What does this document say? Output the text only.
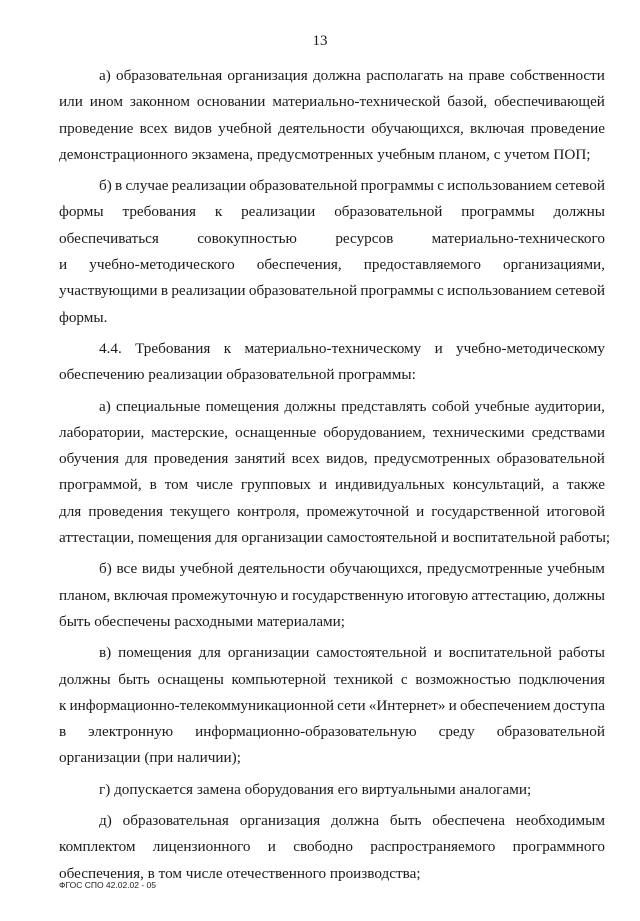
13
а) образовательная организация должна располагать на праве собственности
или ином законном основании материально-технической базой, обеспечивающей
проведение всех видов учебной деятельности обучающихся, включая проведение
демонстрационного экзамена, предусмотренных учебным планом, с учетом ПОП;
б) в случае реализации образовательной программы с использованием сетевой
формы требования к реализации образовательной программы должны
обеспечиваться	совокупностью	ресурсов	материально-технического
и учебно-методического обеспечения, предоставляемого организациями,
участвующими в реализации образовательной программы с использованием сетевой
формы.
4.4. Требования к материально-техническому и учебно-методическому
обеспечению реализации образовательной программы:
а) специальные помещения должны представлять собой учебные аудитории,
лаборатории, мастерские, оснащенные оборудованием, техническими средствами
обучения для проведения занятий всех видов, предусмотренных образовательной
программой, в том числе групповых и индивидуальных консультаций, а также
для проведения текущего контроля, промежуточной и государственной итоговой
аттестации, помещения для организации самостоятельной и воспитательной работы;
б) все виды учебной деятельности обучающихся, предусмотренные учебным
планом, включая промежуточную и государственную итоговую аттестацию, должны
быть обеспечены расходными материалами;
в) помещения для организации самостоятельной и воспитательной работы
должны быть оснащены компьютерной техникой с возможностью подключения
к информационно-телекоммуникационной сети «Интернет» и обеспечением доступа
в электронную информационно-образовательную среду образовательной
организации (при наличии);
г) допускается замена оборудования его виртуальными аналогами;
д) образовательная организация должна быть обеспечена необходимым
комплектом лицензионного и свободно распространяемого программного
обеспечения, в том числе отечественного производства;
ФГОС СПО 42.02.02 - 05
